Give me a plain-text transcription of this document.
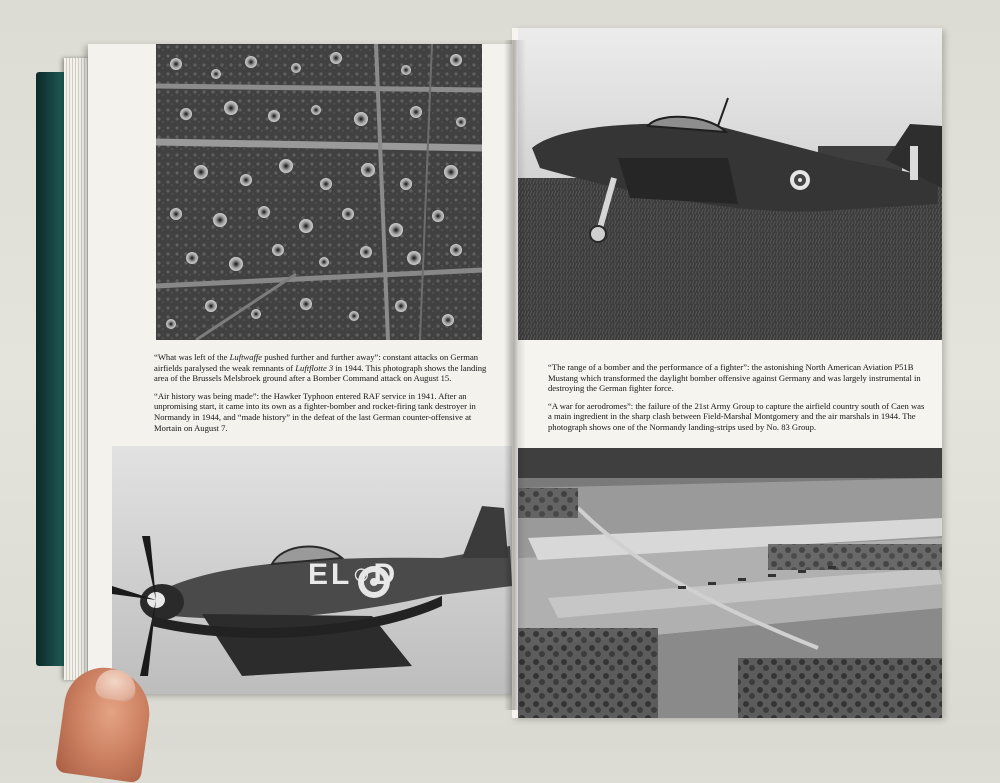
“What was left of the Luftwaffe pushed further and further away”: constant attacks on German airfields paralysed the weak remnants of Luftflotte 3 in 1944. This photograph shows the landing area of the Brussels Melsbroek ground after a Bomber Command attack on August 15.

“Air history was being made”: the Hawker Typhoon entered RAF service in 1941. After an unpromising start, it came into its own as a fighter-bomber and rocket-firing tank destroyer in Normandy in 1944, and “made history” in the defeat of the last German counter-offensive at Mortain on August 7.

EL○D

“The range of a bomber and the performance of a fighter”: the astonishing North American Aviation P51B Mustang which transformed the daylight bomber offensive against Germany and was largely instrumental in destroying the German fighter force.

“A war for aerodromes”: the failure of the 21st Army Group to capture the airfield country south of Caen was a main ingredient in the sharp clash between Field-Marshal Montgomery and the air marshals in 1944. The photograph shows one of the Normandy landing-strips used by No. 83 Group.
